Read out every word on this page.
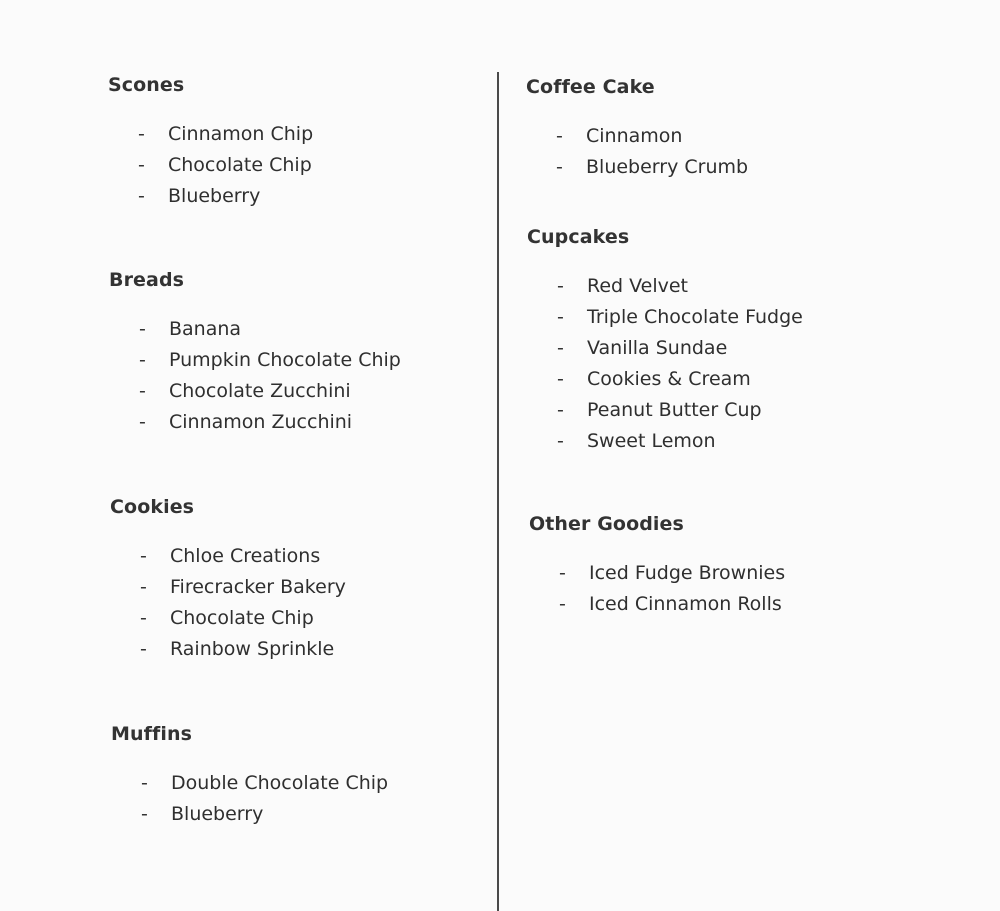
Scones
- Cinnamon Chip
- Chocolate Chip
- Blueberry
Breads
- Banana
- Pumpkin Chocolate Chip
- Chocolate Zucchini
- Cinnamon Zucchini
Cookies
- Chloe Creations
- Firecracker Bakery
- Chocolate Chip
- Rainbow Sprinkle
Muffins
- Double Chocolate Chip
- Blueberry
Coffee Cake
- Cinnamon
- Blueberry Crumb
Cupcakes
- Red Velvet
- Triple Chocolate Fudge
- Vanilla Sundae
- Cookies & Cream
- Peanut Butter Cup
- Sweet Lemon
Other Goodies
- Iced Fudge Brownies
- Iced Cinnamon Rolls
